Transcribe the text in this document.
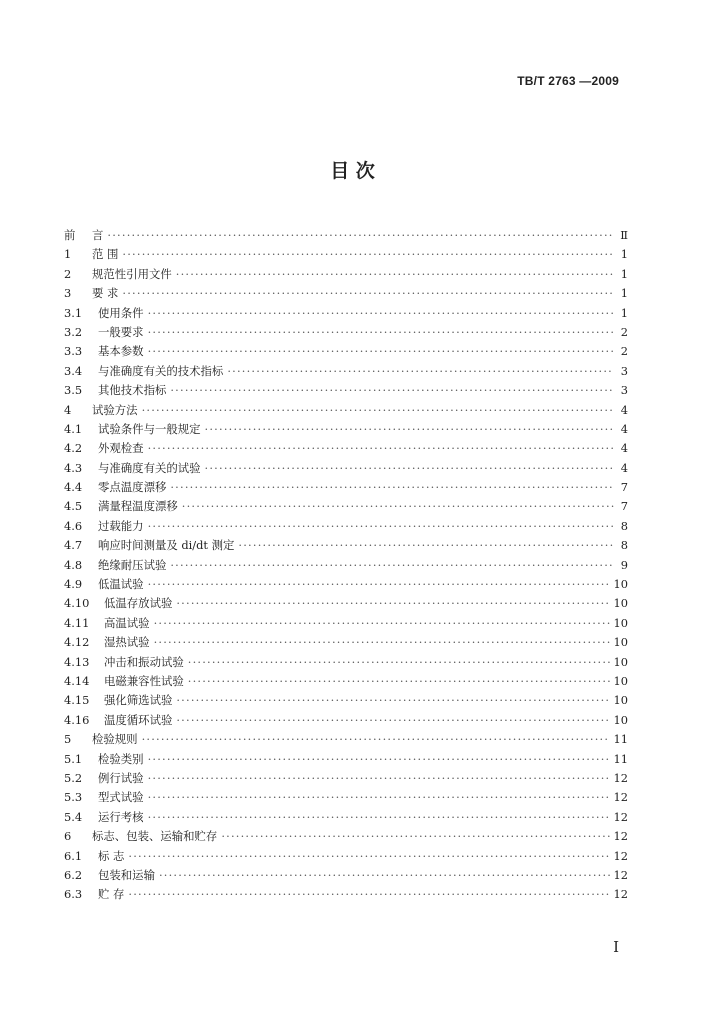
TB/T 2763 —2009
目 次
前	言 ·····	Ⅱ
1	范 围 ·····	1
2	规范性引用文件 ·····	1
3	要 求 ·····	1
3.1	使用条件 ·····	1
3.2	一般要求 ·····	2
3.3	基本参数 ·····	2
3.4	与准确度有关的技术指标 ·····	3
3.5	其他技术指标 ·····	3
4	试验方法 ·····	4
4.1	试验条件与一般规定 ·····	4
4.2	外观检查 ·····	4
4.3	与准确度有关的试验 ·····	4
4.4	零点温度漂移 ·····	7
4.5	满量程温度漂移 ·····	7
4.6	过载能力 ·····	8
4.7	响应时间测量及 di/dt 测定 ·····	8
4.8	绝缘耐压试验 ·····	9
4.9	低温试验 ·····	10
4.10	低温存放试验 ·····	10
4.11	高温试验 ·····	10
4.12	湿热试验 ·····	10
4.13	冲击和振动试验 ·····	10
4.14	电磁兼容性试验 ·····	10
4.15	强化筛选试验 ·····	10
4.16	温度循环试验 ·····	10
5	检验规则 ·····	11
5.1	检验类别 ·····	11
5.2	例行试验 ·····	12
5.3	型式试验 ·····	12
5.4	运行考核 ·····	12
6	标志、包装、运输和贮存 ·····	12
6.1	标 志 ·····	12
6.2	包装和运输 ·····	12
6.3	贮 存 ·····	12
I
